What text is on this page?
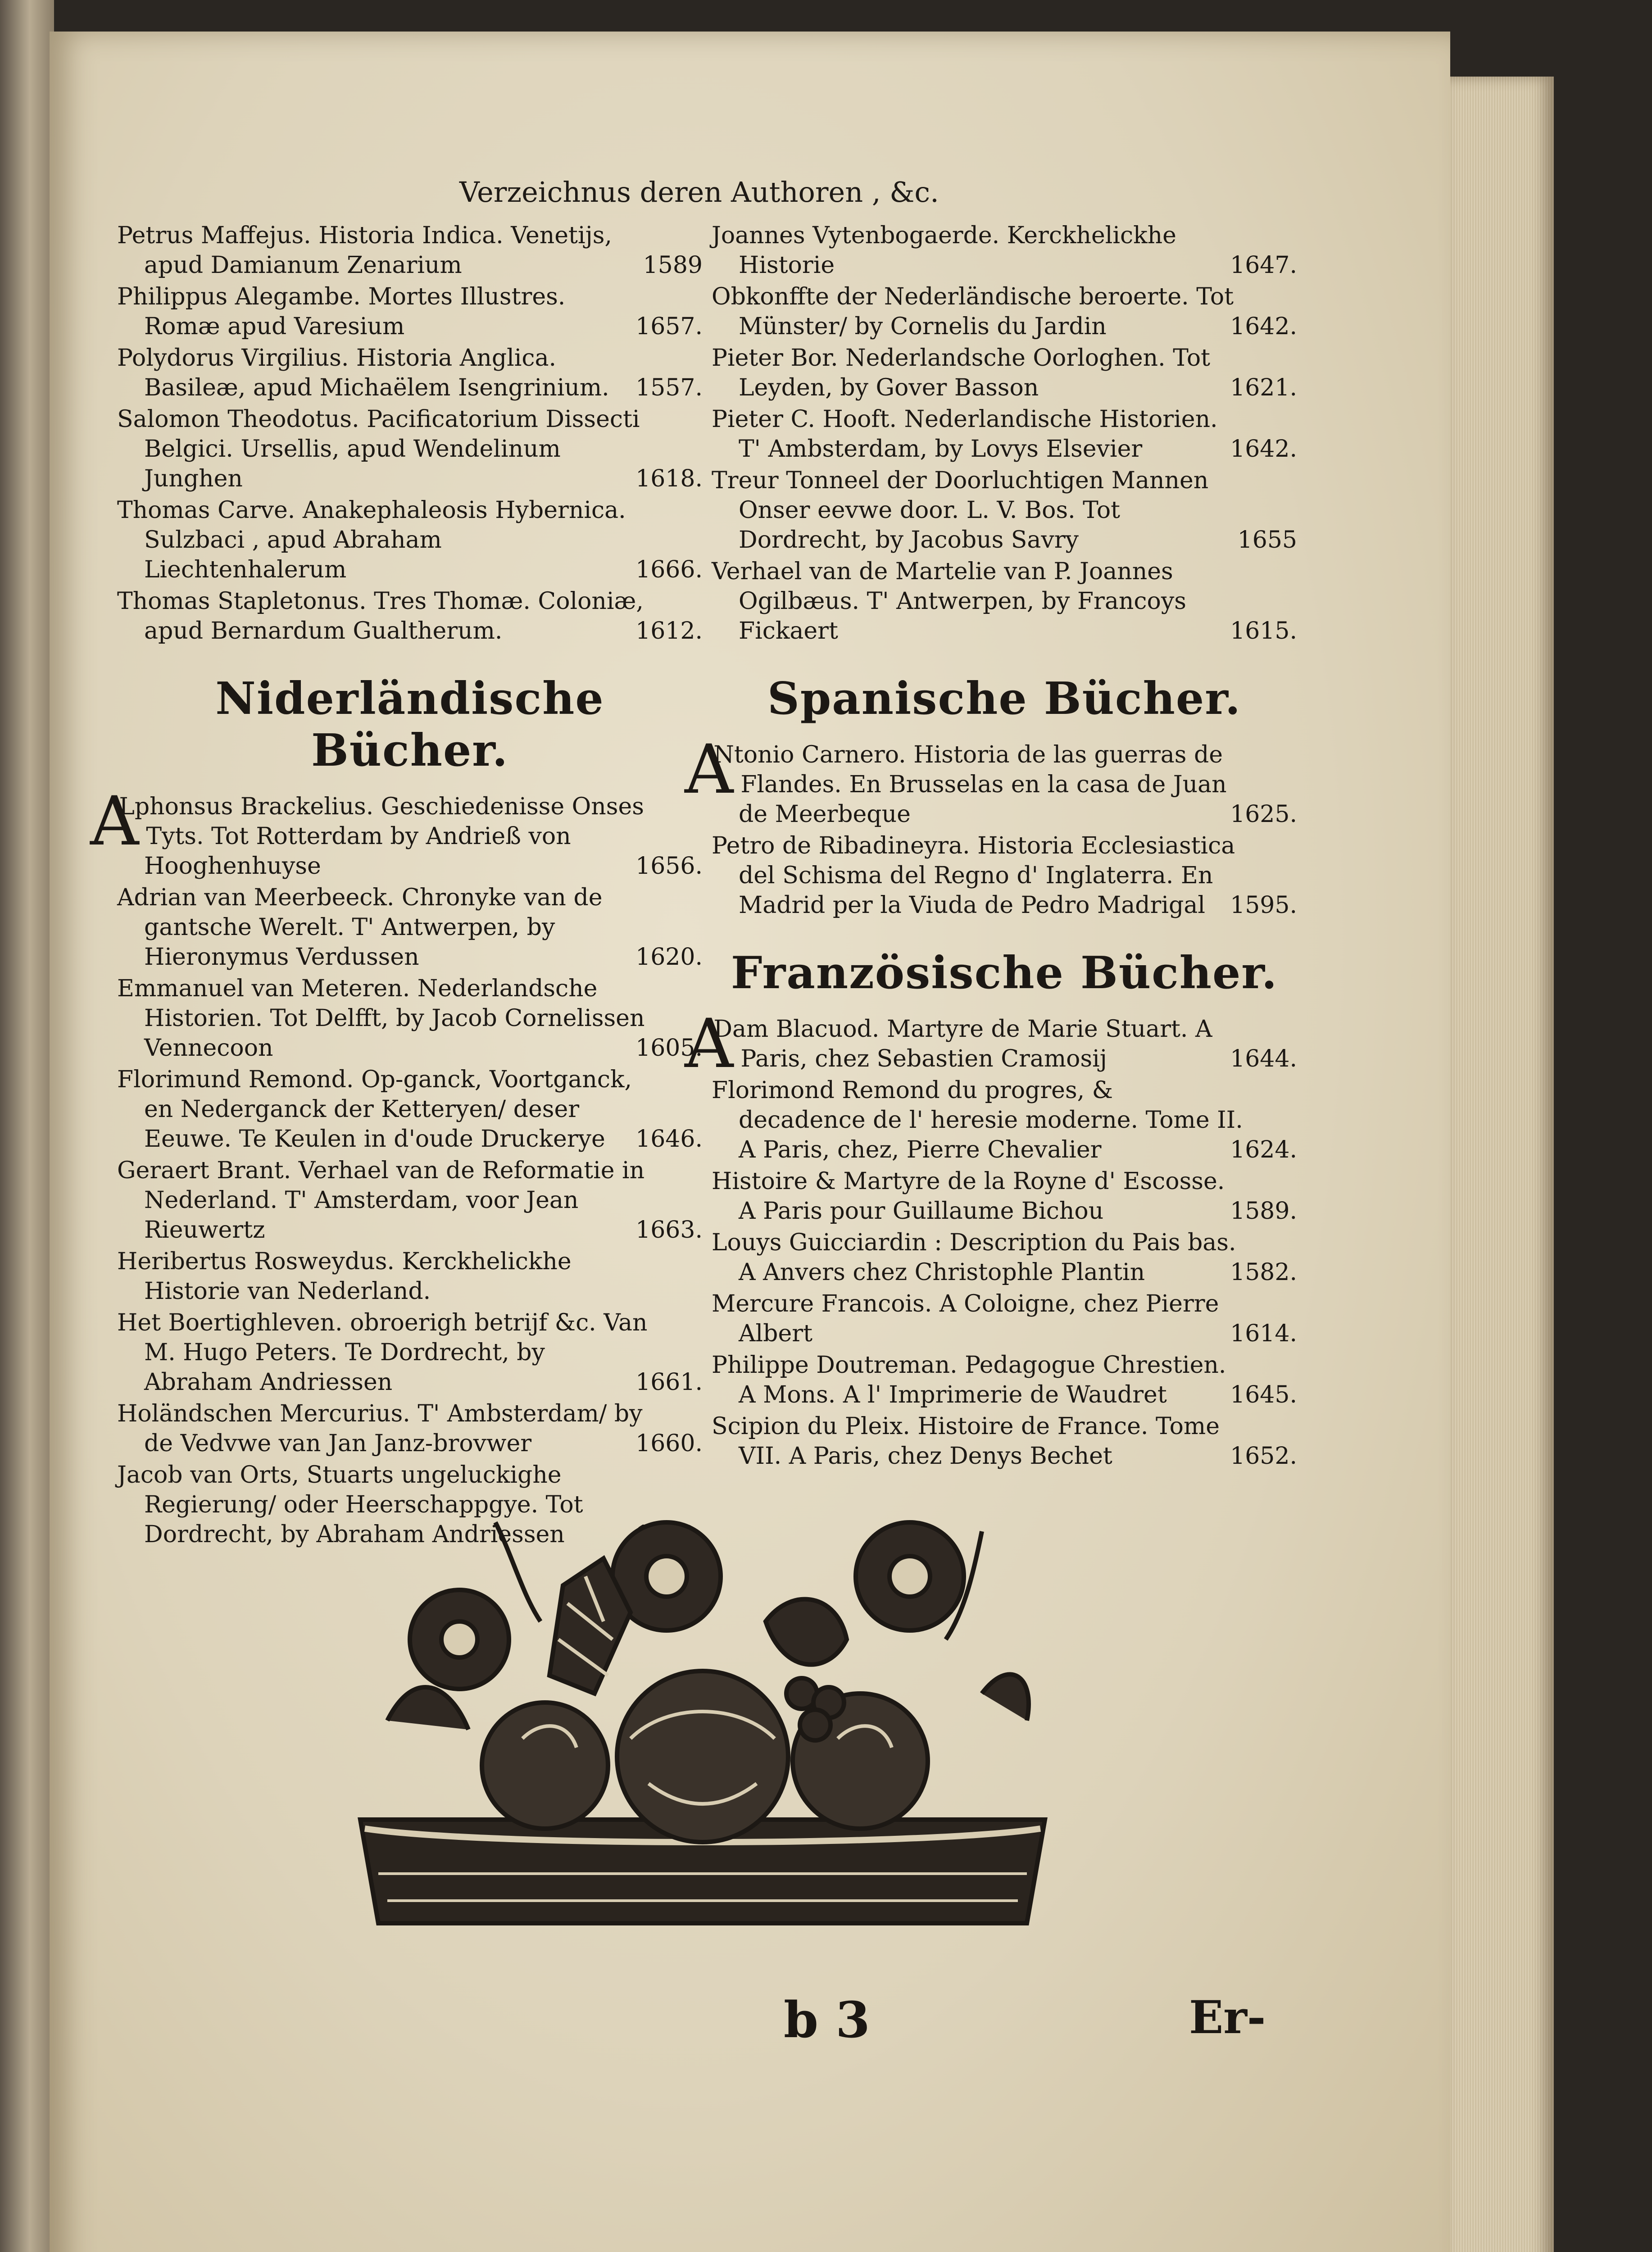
Verzeichnus deren Authoren , &c.
Petrus Maffejus. Historia Indica. Venetijs, apud Damianum Zenarium	1589
Philippus Alegambe. Mortes Illustres. Romæ apud Varesium	1657.
Polydorus Virgilius. Historia Anglica. Basileæ, apud Michaëlem Isengrinium.	1557.
Salomon Theodotus. Pacificatorium Dissecti Belgici. Ursellis, apud Wendelinum Junghen	1618.
Thomas Carve. Anakephaleosis Hybernica. Sulzbaci , apud Abraham Liechtenhalerum	1666.
Thomas Stapletonus. Tres Thomæ. Coloniæ, apud Bernardum Gualtherum.	1612.
Niderländische Bücher.
ALphonsus Brackelius. Geschiedenisse Onses Tyts. Tot Rotterdam by Andrieß von Hooghenhuyse	1656.
Adrian van Meerbeeck. Chronyke van de gantsche Werelt. T' Antwerpen, by Hieronymus Verdussen	1620.
Emmanuel van Meteren. Nederlandsche Historien. Tot Delfft, by Jacob Cornelissen Vennecoon	1605.
Florimund Remond. Op-ganck, Voortganck, en Nederganck der Ketteryen/ deser Eeuwe. Te Keulen in d'oude Druckerye	1646.
Geraert Brant. Verhael van de Reformatie in Nederland. T' Amsterdam, voor Jean Rieuwertz	1663.
Heribertus Rosweydus. Kerckhelickhe Historie van Nederland.
Het Boertighleven. obroerigh betrijf &c. Van M. Hugo Peters. Te Dordrecht, by Abraham Andriessen	1661.
Holändschen Mercurius. T' Ambsterdam/ by de Vedvwe van Jan Janz-brovwer	1660.
Jacob van Orts, Stuarts ungeluckighe Regierung/ oder Heerschappgye. Tot Dordrecht, by Abraham Andriessen
Joannes Vytenbogaerde. Kerckhelickhe Historie	1647.
Obkonffte der Nederländische beroerte. Tot Münster/ by Cornelis du Jardin	1642.
Pieter Bor. Nederlandsche Oorloghen. Tot Leyden, by Gover Basson	1621.
Pieter C. Hooft. Nederlandische Historien. T' Ambsterdam, by Lovys Elsevier	1642.
Treur Tonneel der Doorluchtigen Mannen Onser eevwe door. L. V. Bos. Tot Dordrecht, by Jacobus Savry	1655
Verhael van de Martelie van P. Joannes Ogilbæus. T' Antwerpen, by Francoys Fickaert	1615.
Spanische Bücher.
ANtonio Carnero. Historia de las guerras de Flandes. En Brusselas en la casa de Juan de Meerbeque	1625.
Petro de Ribadineyra. Historia Ecclesiastica del Schisma del Regno d' Inglaterra. En Madrid per la Viuda de Pedro Madrigal	1595.
Französische Bücher.
ADam Blacuod. Martyre de Marie Stuart. A Paris, chez Sebastien Cramosij	1644.
Florimond Remond du progres, & decadence de l' heresie moderne. Tome II. A Paris, chez, Pierre Chevalier	1624.
Histoire & Martyre de la Royne d' Escosse. A Paris pour Guillaume Bichou	1589.
Louys Guicciardin : Description du Pais bas. A Anvers chez Christophle Plantin	1582.
Mercure Francois. A Coloigne, chez Pierre Albert	1614.
Philippe Doutreman. Pedagogue Chrestien. A Mons. A l' Imprimerie de Waudret	1645.
Scipion du Pleix. Histoire de France. Tome VII. A Paris, chez Denys Bechet	1652.
b 3	Er-
